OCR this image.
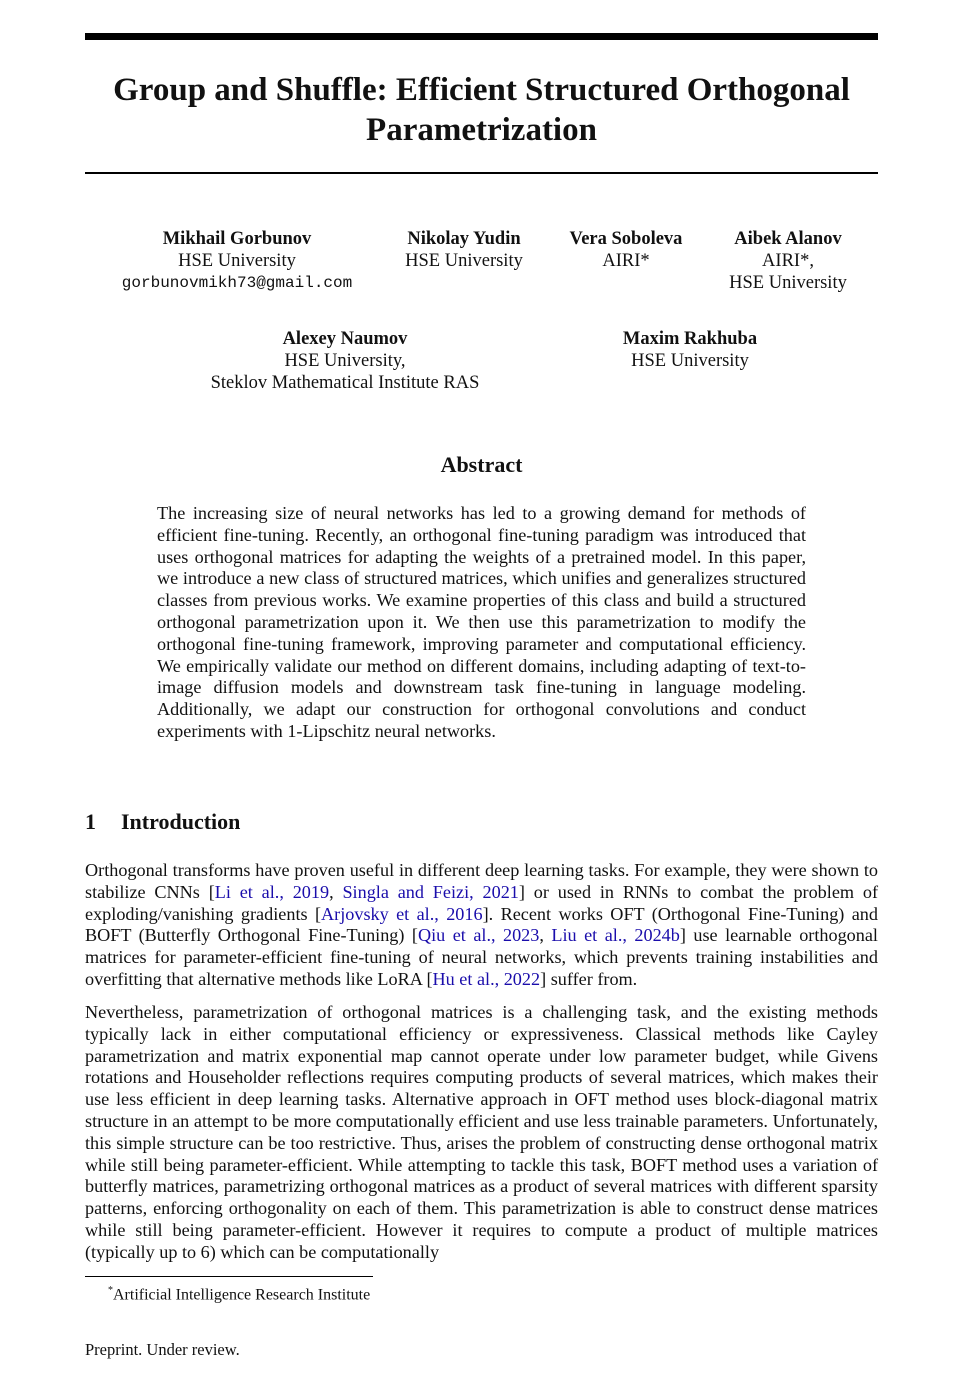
Group and Shuffle: Efficient Structured Orthogonal Parametrization
Mikhail Gorbunov
HSE University
gorbunovmikh73@gmail.com
Nikolay Yudin
HSE University
Vera Soboleva
AIRI*
Aibek Alanov
AIRI*,
HSE University
Alexey Naumov
HSE University,
Steklov Mathematical Institute RAS
Maxim Rakhuba
HSE University
Abstract

The increasing size of neural networks has led to a growing demand for methods of efficient fine-tuning. Recently, an orthogonal fine-tuning paradigm was introduced that uses orthogonal matrices for adapting the weights of a pretrained model. In this paper, we introduce a new class of structured matrices, which unifies and generalizes structured classes from previous works. We examine properties of this class and build a structured orthogonal parametrization upon it. We then use this parametrization to modify the orthogonal fine-tuning framework, improving parameter and computational efficiency. We empirically validate our method on different domains, including adapting of text-to-image diffusion models and downstream task fine-tuning in language modeling. Additionally, we adapt our construction for orthogonal convolutions and conduct experiments with 1-Lipschitz neural networks.

1 Introduction

Orthogonal transforms have proven useful in different deep learning tasks. For example, they were shown to stabilize CNNs [Li et al., 2019, Singla and Feizi, 2021] or used in RNNs to combat the problem of exploding/vanishing gradients [Arjovsky et al., 2016]. Recent works OFT (Orthogonal Fine-Tuning) and BOFT (Butterfly Orthogonal Fine-Tuning) [Qiu et al., 2023, Liu et al., 2024b] use learnable orthogonal matrices for parameter-efficient fine-tuning of neural networks, which prevents training instabilities and overfitting that alternative methods like LoRA [Hu et al., 2022] suffer from.

Nevertheless, parametrization of orthogonal matrices is a challenging task, and the existing methods typically lack in either computational efficiency or expressiveness. Classical methods like Cayley parametrization and matrix exponential map cannot operate under low parameter budget, while Givens rotations and Householder reflections requires computing products of several matrices, which makes their use less efficient in deep learning tasks. Alternative approach in OFT method uses block-diagonal matrix structure in an attempt to be more computationally efficient and use less trainable parameters. Unfortunately, this simple structure can be too restrictive. Thus, arises the problem of constructing dense orthogonal matrix while still being parameter-efficient. While attempting to tackle this task, BOFT method uses a variation of butterfly matrices, parametrizing orthogonal matrices as a product of several matrices with different sparsity patterns, enforcing orthogonality on each of them. This parametrization is able to construct dense matrices while still being parameter-efficient. However it requires to compute a product of multiple matrices (typically up to 6) which can be computationally

*Artificial Intelligence Research Institute
Preprint. Under review.
